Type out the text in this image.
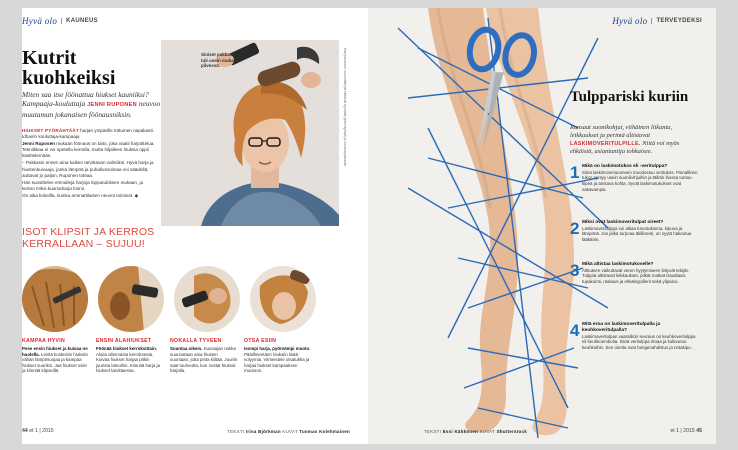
Hyvä olo	KAUNEUS
Kutrit kuohkeiksi
Miten saa itse föönattua hiukset kauniiksi? Kampaaja-kouluttaja JENNI RUPONEN neuvoo muutaman jokanaisen föönausniksin.

HIUKSET PYÖRÄHTÄÄT harjan ympärille tottumen napakasti. Idhairin kouluttaja-kampaaja

Jenni Ruposen mukaan föönaus on taito, joka vaatii harjoittelua. Tekniikkaa ei voi opetella kerralla, mutta hiljalleen hiuksia oppii käsittelemään.

– Pakkasin ennen aina kaiken tarvittavan valmiiksi. Hyvä harja ja hiustenkuivaaja, jonka lämpöä ja puhallusvoimaa voi säädellä, auttavat jo paljon, Ruponen toteaa.

Hän suosittelee erimalleja harjoja lopputuloksen mukaan, ja kertoo miksi kuumaharja toimii.

On aika kokeilla, kuinka ammattilaisen neuvot toimivat. ◆

ISOT KLIPSIT JA KERROS KERRALLAAN – SUJUU!
Siniset pakkaukset tuli usein mukaan pilvessä.	Kampauksen suunnittelijat kiittävät hyvästä yhteistyöstä ja kuvauspaikasta
KAMPAA HYVIN
Pese ensin hiukset ja kuivaa ne huolella. Levitä kosteisiin hiuksiin vähän lämpösuojaa ja kampaa hiukset suoriksi. Jaa hiukset osiin ja kiinnitä klipseillä.
ENSIN ALAHIUKSET
Föönää hiukset kerroksittain. Aloita alimmasta kerroksesta. Kuivaa hiukset harjaa pitkin juurista latvoihin. Kiinnitä harja ja hiukset tarvittaessa.
NOKALLA TYVEEN
Suuntaa oikein. Kuivaajan nokka suunnataan aina hiusten suuntaan, jotta pinta kiiltää. Juuriin saat tuuheutta, kun nostat hiuksia harjalla.
OTSA ESIIN
Isompi harja, pyöreämpi muoto. Pääillmentäen hiuksiin lisää volyymia. Viimeistele otsatukka ja harjaa hiukset kampauksen muotoon.
44 et 1 | 2015	TEKSTI Irina Björkman KUVAT Tuomas Kolehmainen
Hyvä olo	TERVEYDEKSI
Tulppariski kuriin
Runsaat suonikohjut, viihäinen liikunta, leikkaukset ja perimä altistavat LASKIMOVERITULPILLE. Niitä voi myös ehkäistä, asiantuntija tohkaisee.
1 Mikä on laskimotukos eli -veritulppa?
Siinä laskimoverisuoneen muodostuu veritukos. Pinnallinen tukos syntyy usein suonikohjuihin ja tällöin ihossa tuntuu kipeä ja aristava kohta. Syvät laskimotukokset ovat vakavampia.
2 Miksi ovat laskimoveritulpat oireet?
Laskimoveritulppa voi alkaa turvotuksena, kipuna ja lämpönä. Jos jalka turpoaa äkillisesti, on syytä hakeutua lääkäriin.
3 Mikä altistaa laskimotukoselle?
Alttiuteen vaikuttavat veren hyytymiseen liittyvät tekijät. Tulppia altistavat leikkaukset, pitkät matkat istualtaan, tupakointi, raskaus ja ehkäisypillerit sekä ylipaino.
4 Mitä eroa on laskimoveritulpalla ja keuhkoveritulpalla?
Laskimoveritulpan vaarallisin seuraus on keuhkoveritulppa eli keuhkoembolia. Siinä veritulppa irtoaa ja kulkeutuu keuhkoihin. Sen oireita ovat hengenahdistus ja rintakipu.
TEKSTI Essi Kähkönen KUVAT Shutterstock	et 1 | 2015 45
